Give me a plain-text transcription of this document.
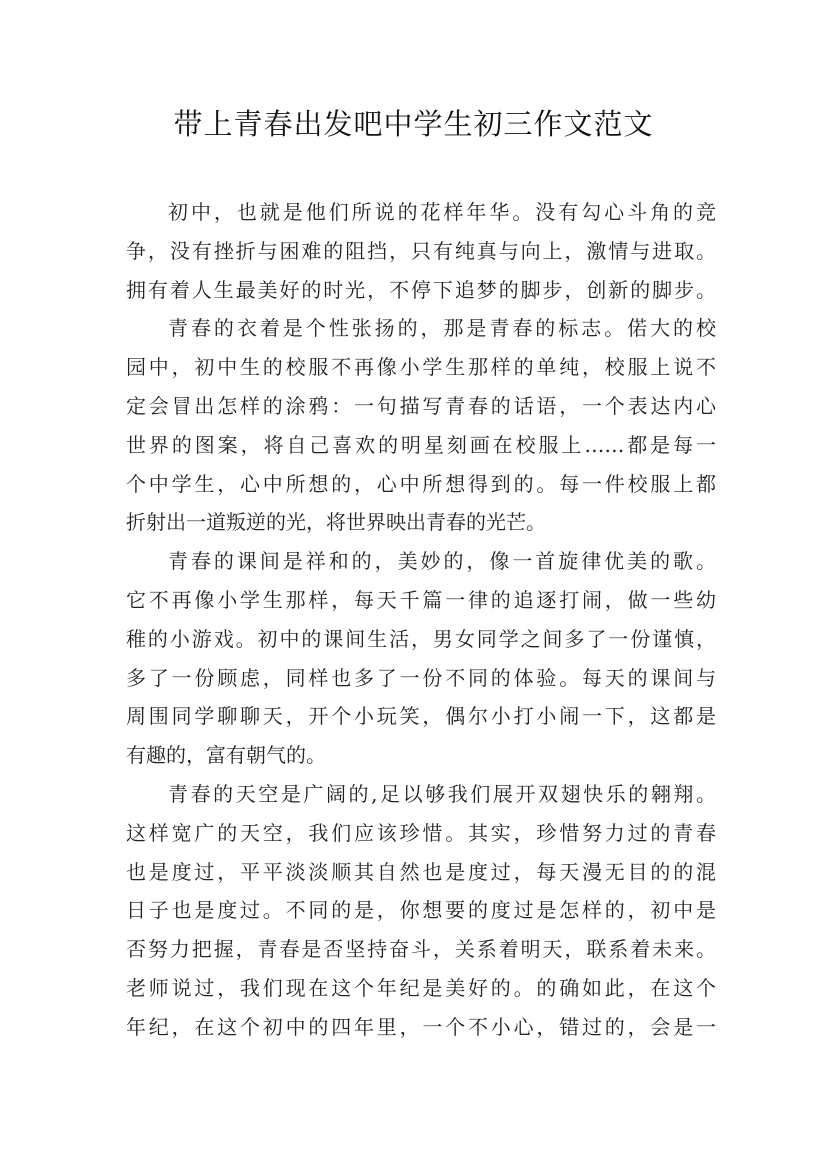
带上青春出发吧中学生初三作文范文
初中，也就是他们所说的花样年华。没有勾心斗角的竞
争，没有挫折与困难的阻挡，只有纯真与向上，激情与进取。
拥有着人生最美好的时光，不停下追梦的脚步，创新的脚步。
青春的衣着是个性张扬的，那是青春的标志。偌大的校
园中，初中生的校服不再像小学生那样的单纯，校服上说不
定会冒出怎样的涂鸦：一句描写青春的话语，一个表达内心
世界的图案，将自己喜欢的明星刻画在校服上……都是每一
个中学生，心中所想的，心中所想得到的。每一件校服上都
折射出一道叛逆的光，将世界映出青春的光芒。
青春的课间是祥和的，美妙的，像一首旋律优美的歌。
它不再像小学生那样，每天千篇一律的追逐打闹，做一些幼
稚的小游戏。初中的课间生活，男女同学之间多了一份谨慎，
多了一份顾虑，同样也多了一份不同的体验。每天的课间与
周围同学聊聊天，开个小玩笑，偶尔小打小闹一下，这都是
有趣的，富有朝气的。
青春的天空是广阔的,足以够我们展开双翅快乐的翱翔。
这样宽广的天空，我们应该珍惜。其实，珍惜努力过的青春
也是度过，平平淡淡顺其自然也是度过，每天漫无目的的混
日子也是度过。不同的是，你想要的度过是怎样的，初中是
否努力把握，青春是否坚持奋斗，关系着明天，联系着未来。
老师说过，我们现在这个年纪是美好的。的确如此，在这个
年纪，在这个初中的四年里，一个不小心，错过的，会是一
